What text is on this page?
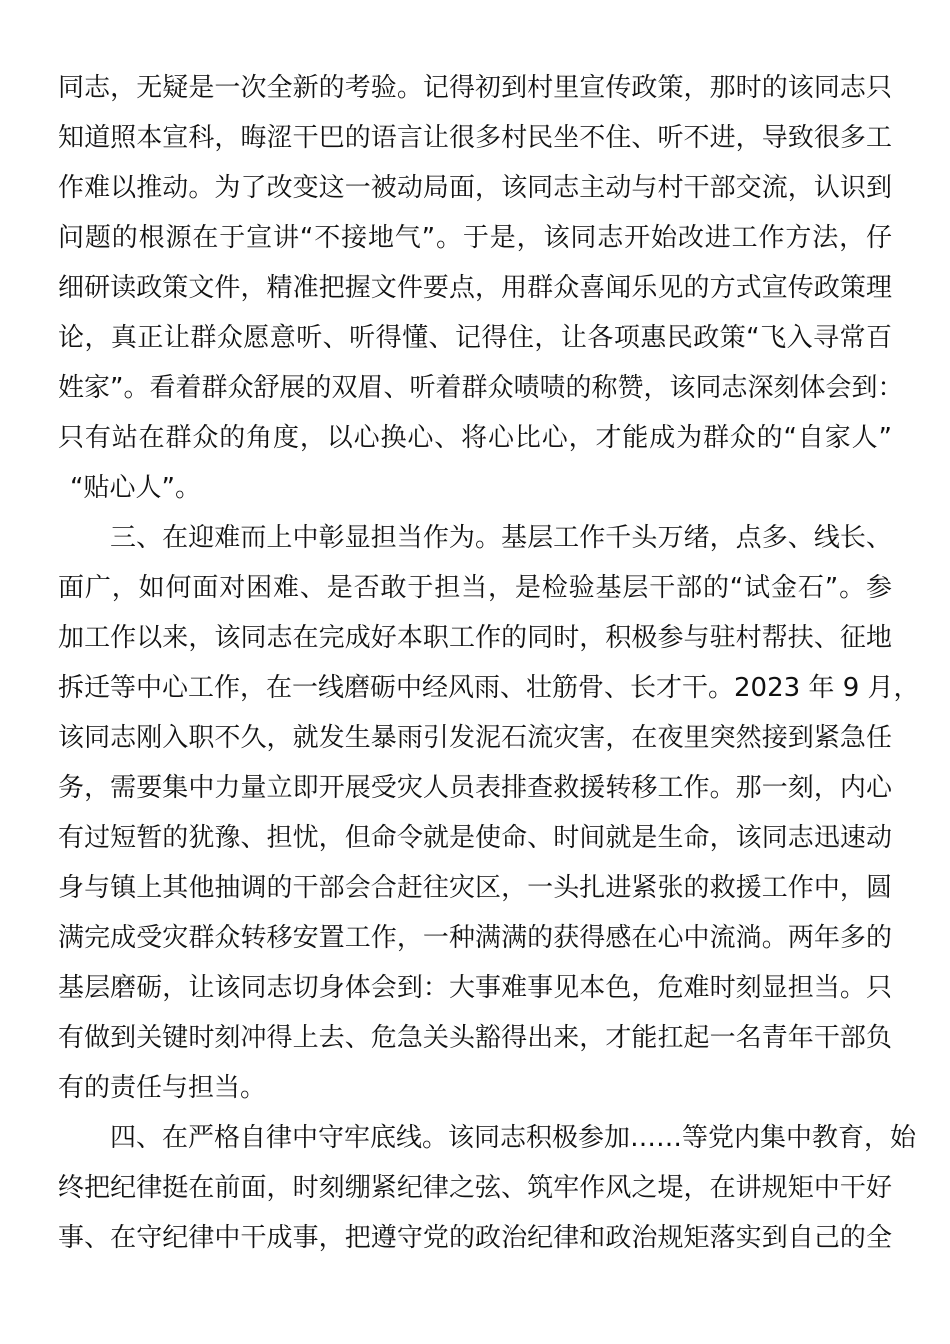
同志，无疑是一次全新的考验。记得初到村里宣传政策，那时的该同志只
知道照本宣科，晦涩干巴的语言让很多村民坐不住、听不进，导致很多工
作难以推动。为了改变这一被动局面，该同志主动与村干部交流，认识到
问题的根源在于宣讲“不接地气”。于是，该同志开始改进工作方法，仔
细研读政策文件，精准把握文件要点，用群众喜闻乐见的方式宣传政策理
论，真正让群众愿意听、听得懂、记得住，让各项惠民政策“飞入寻常百
姓家”。看着群众舒展的双眉、听着群众啧啧的称赞，该同志深刻体会到：
只有站在群众的角度，以心换心、将心比心，才能成为群众的“自家人”
“贴心人”。
三、在迎难而上中彰显担当作为。基层工作千头万绪，点多、线长、
面广，如何面对困难、是否敢于担当，是检验基层干部的“试金石”。参
加工作以来，该同志在完成好本职工作的同时，积极参与驻村帮扶、征地
拆迁等中心工作，在一线磨砺中经风雨、壮筋骨、长才干。2023 年 9 月，
该同志刚入职不久，就发生暴雨引发泥石流灾害，在夜里突然接到紧急任
务，需要集中力量立即开展受灾人员表排查救援转移工作。那一刻，内心
有过短暂的犹豫、担忧，但命令就是使命、时间就是生命，该同志迅速动
身与镇上其他抽调的干部会合赶往灾区，一头扎进紧张的救援工作中，圆
满完成受灾群众转移安置工作，一种满满的获得感在心中流淌。两年多的
基层磨砺，让该同志切身体会到：大事难事见本色，危难时刻显担当。只
有做到关键时刻冲得上去、危急关头豁得出来，才能扛起一名青年干部负
有的责任与担当。
四、在严格自律中守牢底线。该同志积极参加……等党内集中教育，始
终把纪律挺在前面，时刻绷紧纪律之弦、筑牢作风之堤，在讲规矩中干好
事、在守纪律中干成事，把遵守党的政治纪律和政治规矩落实到自己的全
